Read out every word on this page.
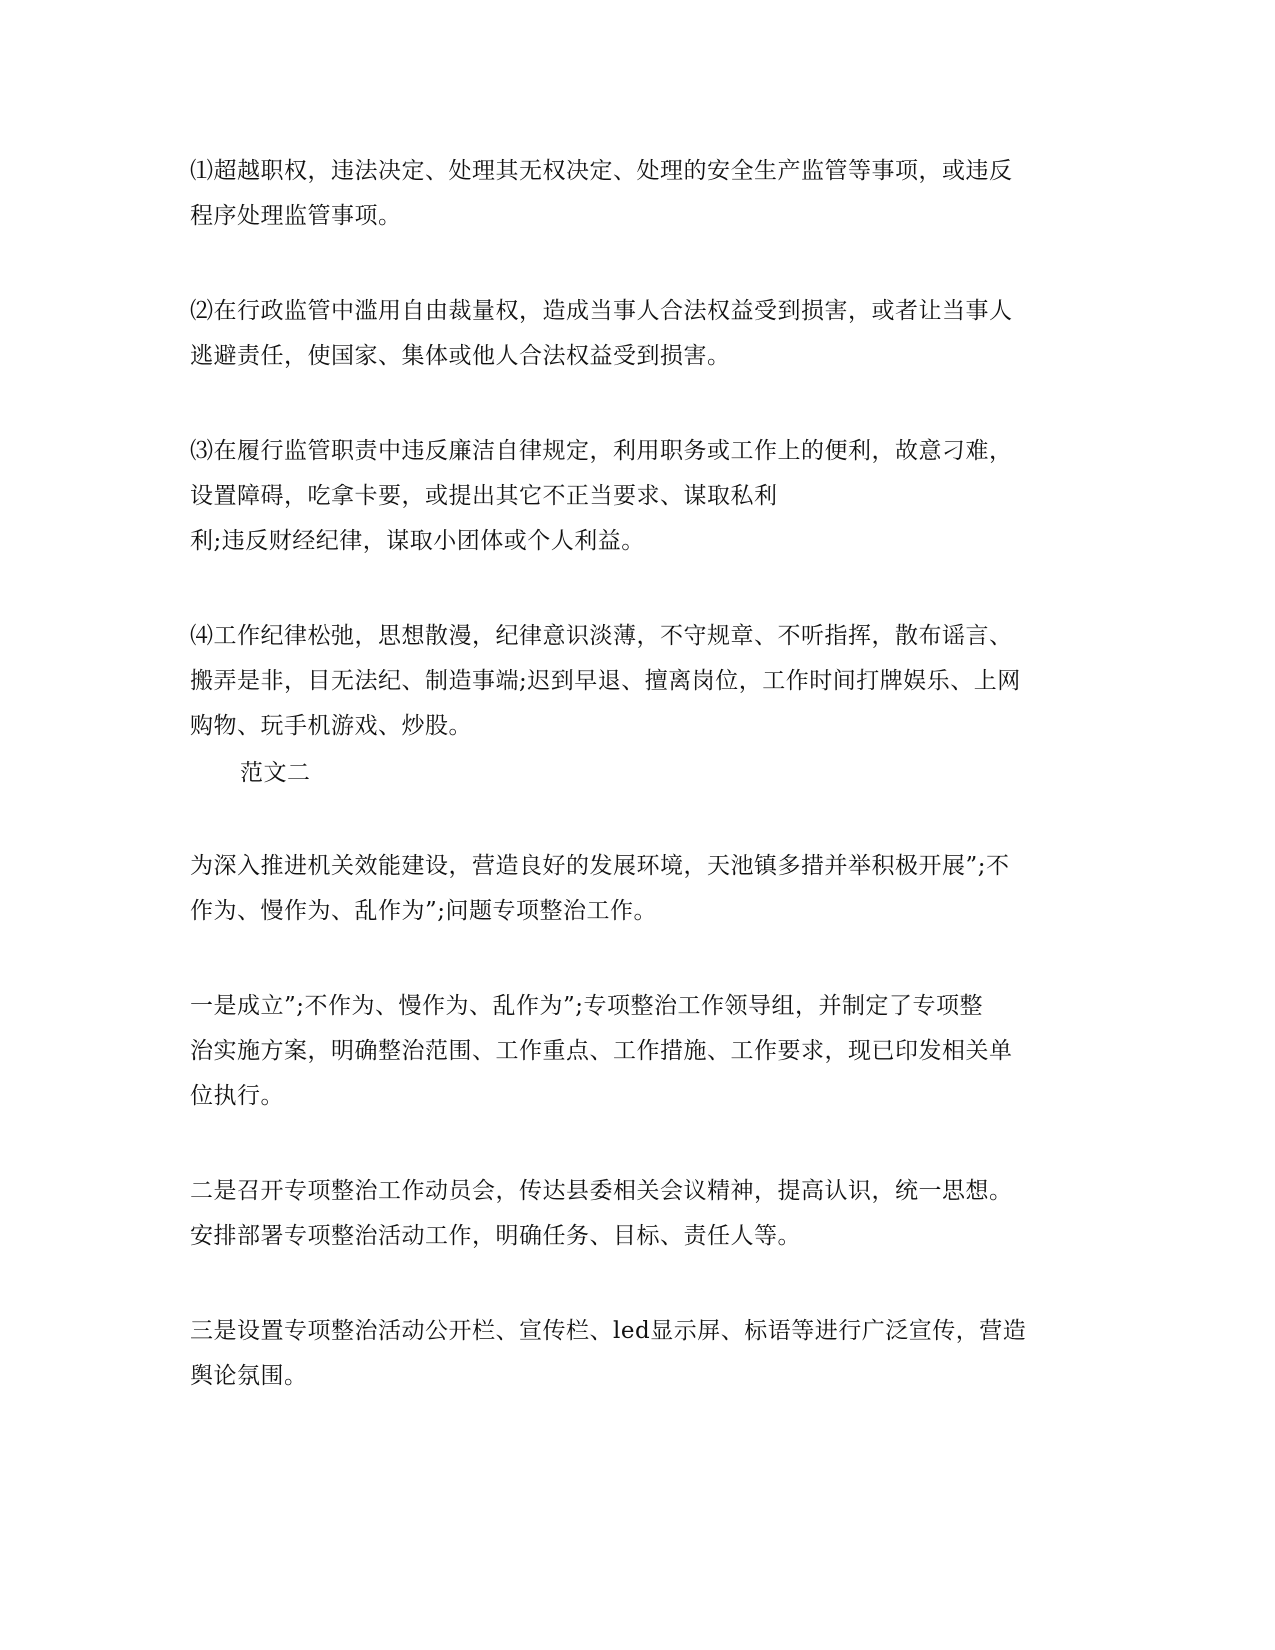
⑴超越职权，违法决定、处理其无权决定、处理的安全生产监管等事项，或违反
程序处理监管事项。
⑵在行政监管中滥用自由裁量权，造成当事人合法权益受到损害，或者让当事人
逃避责任，使国家、集体或他人合法权益受到损害。
⑶在履行监管职责中违反廉洁自律规定，利用职务或工作上的便利，故意刁难，
设置障碍，吃拿卡要，或提出其它不正当要求、谋取私利
利;违反财经纪律，谋取小团体或个人利益。
⑷工作纪律松弛，思想散漫，纪律意识淡薄，不守规章、不听指挥，散布谣言、
搬弄是非，目无法纪、制造事端;迟到早退、擅离岗位，工作时间打牌娱乐、上网
购物、玩手机游戏、炒股。
范文二
为深入推进机关效能建设，营造良好的发展环境，天池镇多措并举积极开展”;不
作为、慢作为、乱作为”;问题专项整治工作。
一是成立”;不作为、慢作为、乱作为”;专项整治工作领导组，并制定了专项整
治实施方案，明确整治范围、工作重点、工作措施、工作要求，现已印发相关单
位执行。
二是召开专项整治工作动员会，传达县委相关会议精神，提高认识，统一思想。
安排部署专项整治活动工作，明确任务、目标、责任人等。
三是设置专项整治活动公开栏、宣传栏、led显示屏、标语等进行广泛宣传，营造
舆论氛围。
